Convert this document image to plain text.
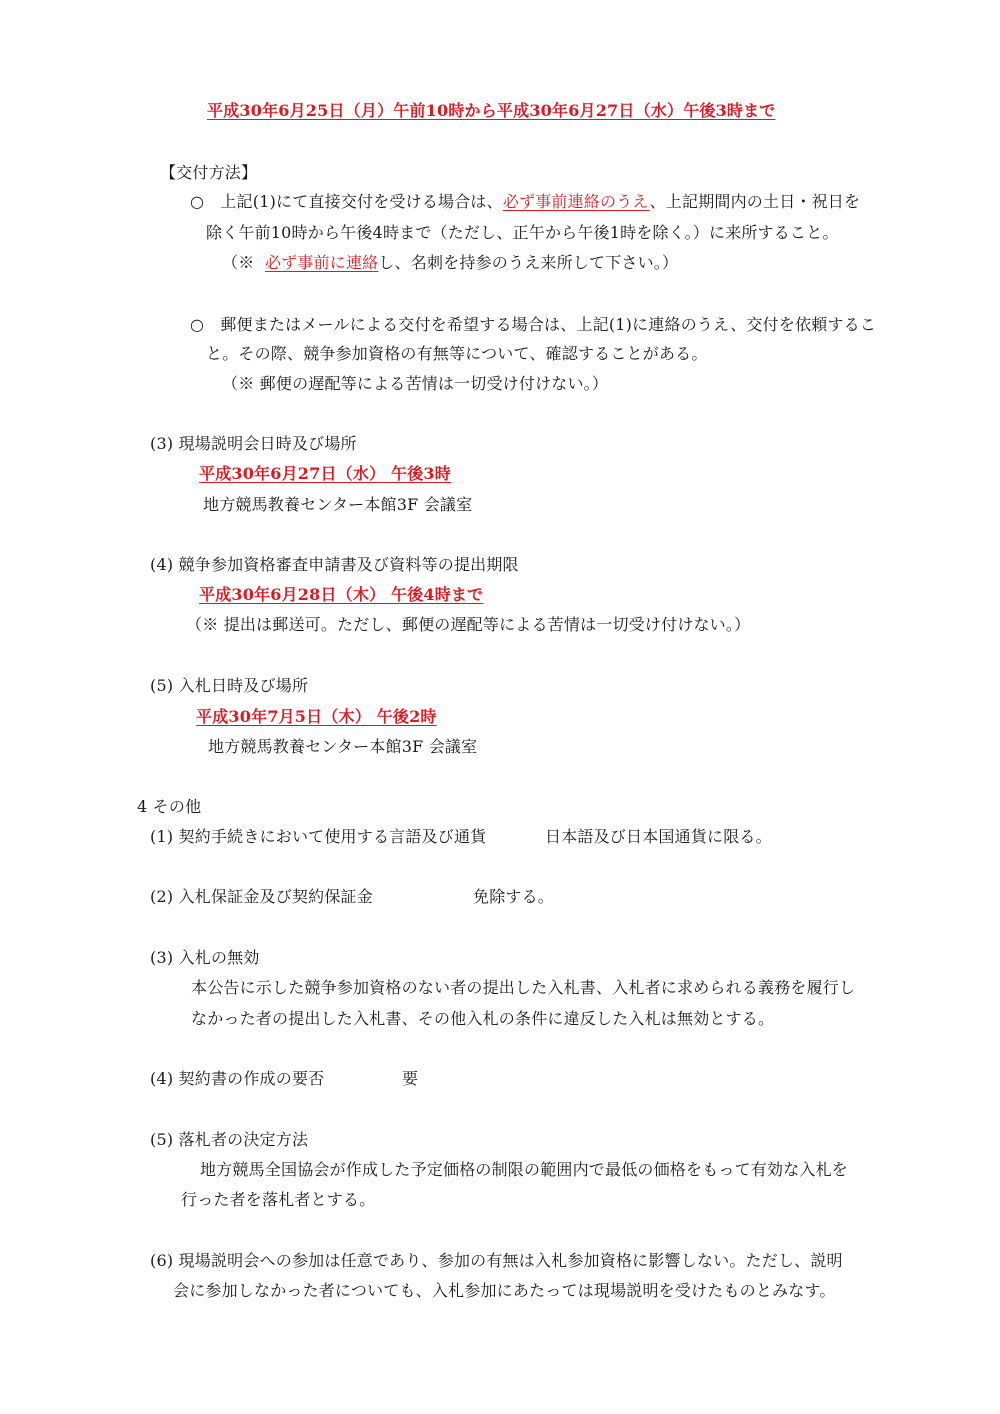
平成30年6月25日（月）午前10時から平成30年6月27日（水）午後3時まで
【交付方法】
○　上記(1)にて直接交付を受ける場合は、必ず事前連絡のうえ、上記期間内の土日・祝日を
除く午前10時から午後4時まで（ただし、正午から午後1時を除く。）に来所すること。
（※ 必ず事前に連絡し、名刺を持参のうえ来所して下さい。）
○　郵便またはメールによる交付を希望する場合は、上記(1)に連絡のうえ、交付を依頼するこ
と。その際、競争参加資格の有無等について、確認することがある。
（※ 郵便の遅配等による苦情は一切受け付けない。）
(3) 現場説明会日時及び場所
平成30年6月27日（水） 午後3時
地方競馬教養センター本館3F 会議室
(4) 競争参加資格審査申請書及び資料等の提出期限
平成30年6月28日（木） 午後4時まで
（※ 提出は郵送可。ただし、郵便の遅配等による苦情は一切受け付けない。）
(5) 入札日時及び場所
平成30年7月5日（木） 午後2時
地方競馬教養センター本館3F 会議室
4 その他
(1) 契約手続きにおいて使用する言語及び通貨	日本語及び日本国通貨に限る。
(2) 入札保証金及び契約保証金	免除する。
(3) 入札の無効
本公告に示した競争参加資格のない者の提出した入札書、入札者に求められる義務を履行し
なかった者の提出した入札書、その他入札の条件に違反した入札は無効とする。
(4) 契約書の作成の要否	要
(5) 落札者の決定方法
地方競馬全国協会が作成した予定価格の制限の範囲内で最低の価格をもって有効な入札を
行った者を落札者とする。
(6) 現場説明会への参加は任意であり、参加の有無は入札参加資格に影響しない。ただし、説明
会に参加しなかった者についても、入札参加にあたっては現場説明を受けたものとみなす。
